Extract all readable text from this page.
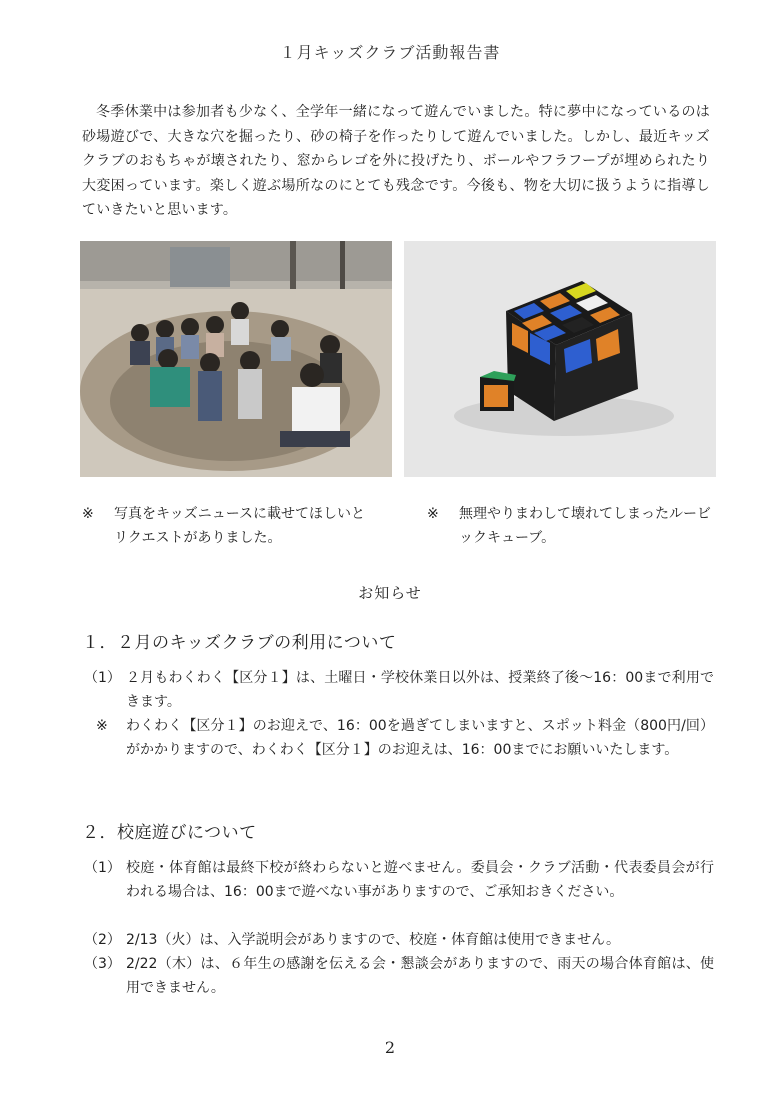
１月キッズクラブ活動報告書
冬季休業中は参加者も少なく、全学年一緒になって遊んでいました。特に夢中になっているのは砂場遊びで、大きな穴を掘ったり、砂の椅子を作ったりして遊んでいました。しかし、最近キッズクラブのおもちゃが壊されたり、窓からレゴを外に投げたり、ボールやフラフープが埋められたり大変困っています。楽しく遊ぶ場所なのにとても残念です。今後も、物を大切に扱うように指導していきたいと思います。
※ 写真をキッズニュースに載せてほしいとリクエストがありました。
※ 無理やりまわして壊れてしまったルービックキューブ。
お知らせ
１．２月のキッズクラブの利用について
（1） ２月もわくわく【区分１】は、土曜日・学校休業日以外は、授業終了後〜16：00まで利用できます。
※ わくわく【区分１】のお迎えで、16：00を過ぎてしまいますと、スポット料金（800円/回）がかかりますので、わくわく【区分１】のお迎えは、16：00までにお願いいたします。
２．校庭遊びについて
（1） 校庭・体育館は最終下校が終わらないと遊べません。委員会・クラブ活動・代表委員会が行われる場合は、16：00まで遊べない事がありますので、ご承知おきください。
（2） 2/13（火）は、入学説明会がありますので、校庭・体育館は使用できません。
（3） 2/22（木）は、６年生の感謝を伝える会・懇談会がありますので、雨天の場合体育館は、使用できません。
2
